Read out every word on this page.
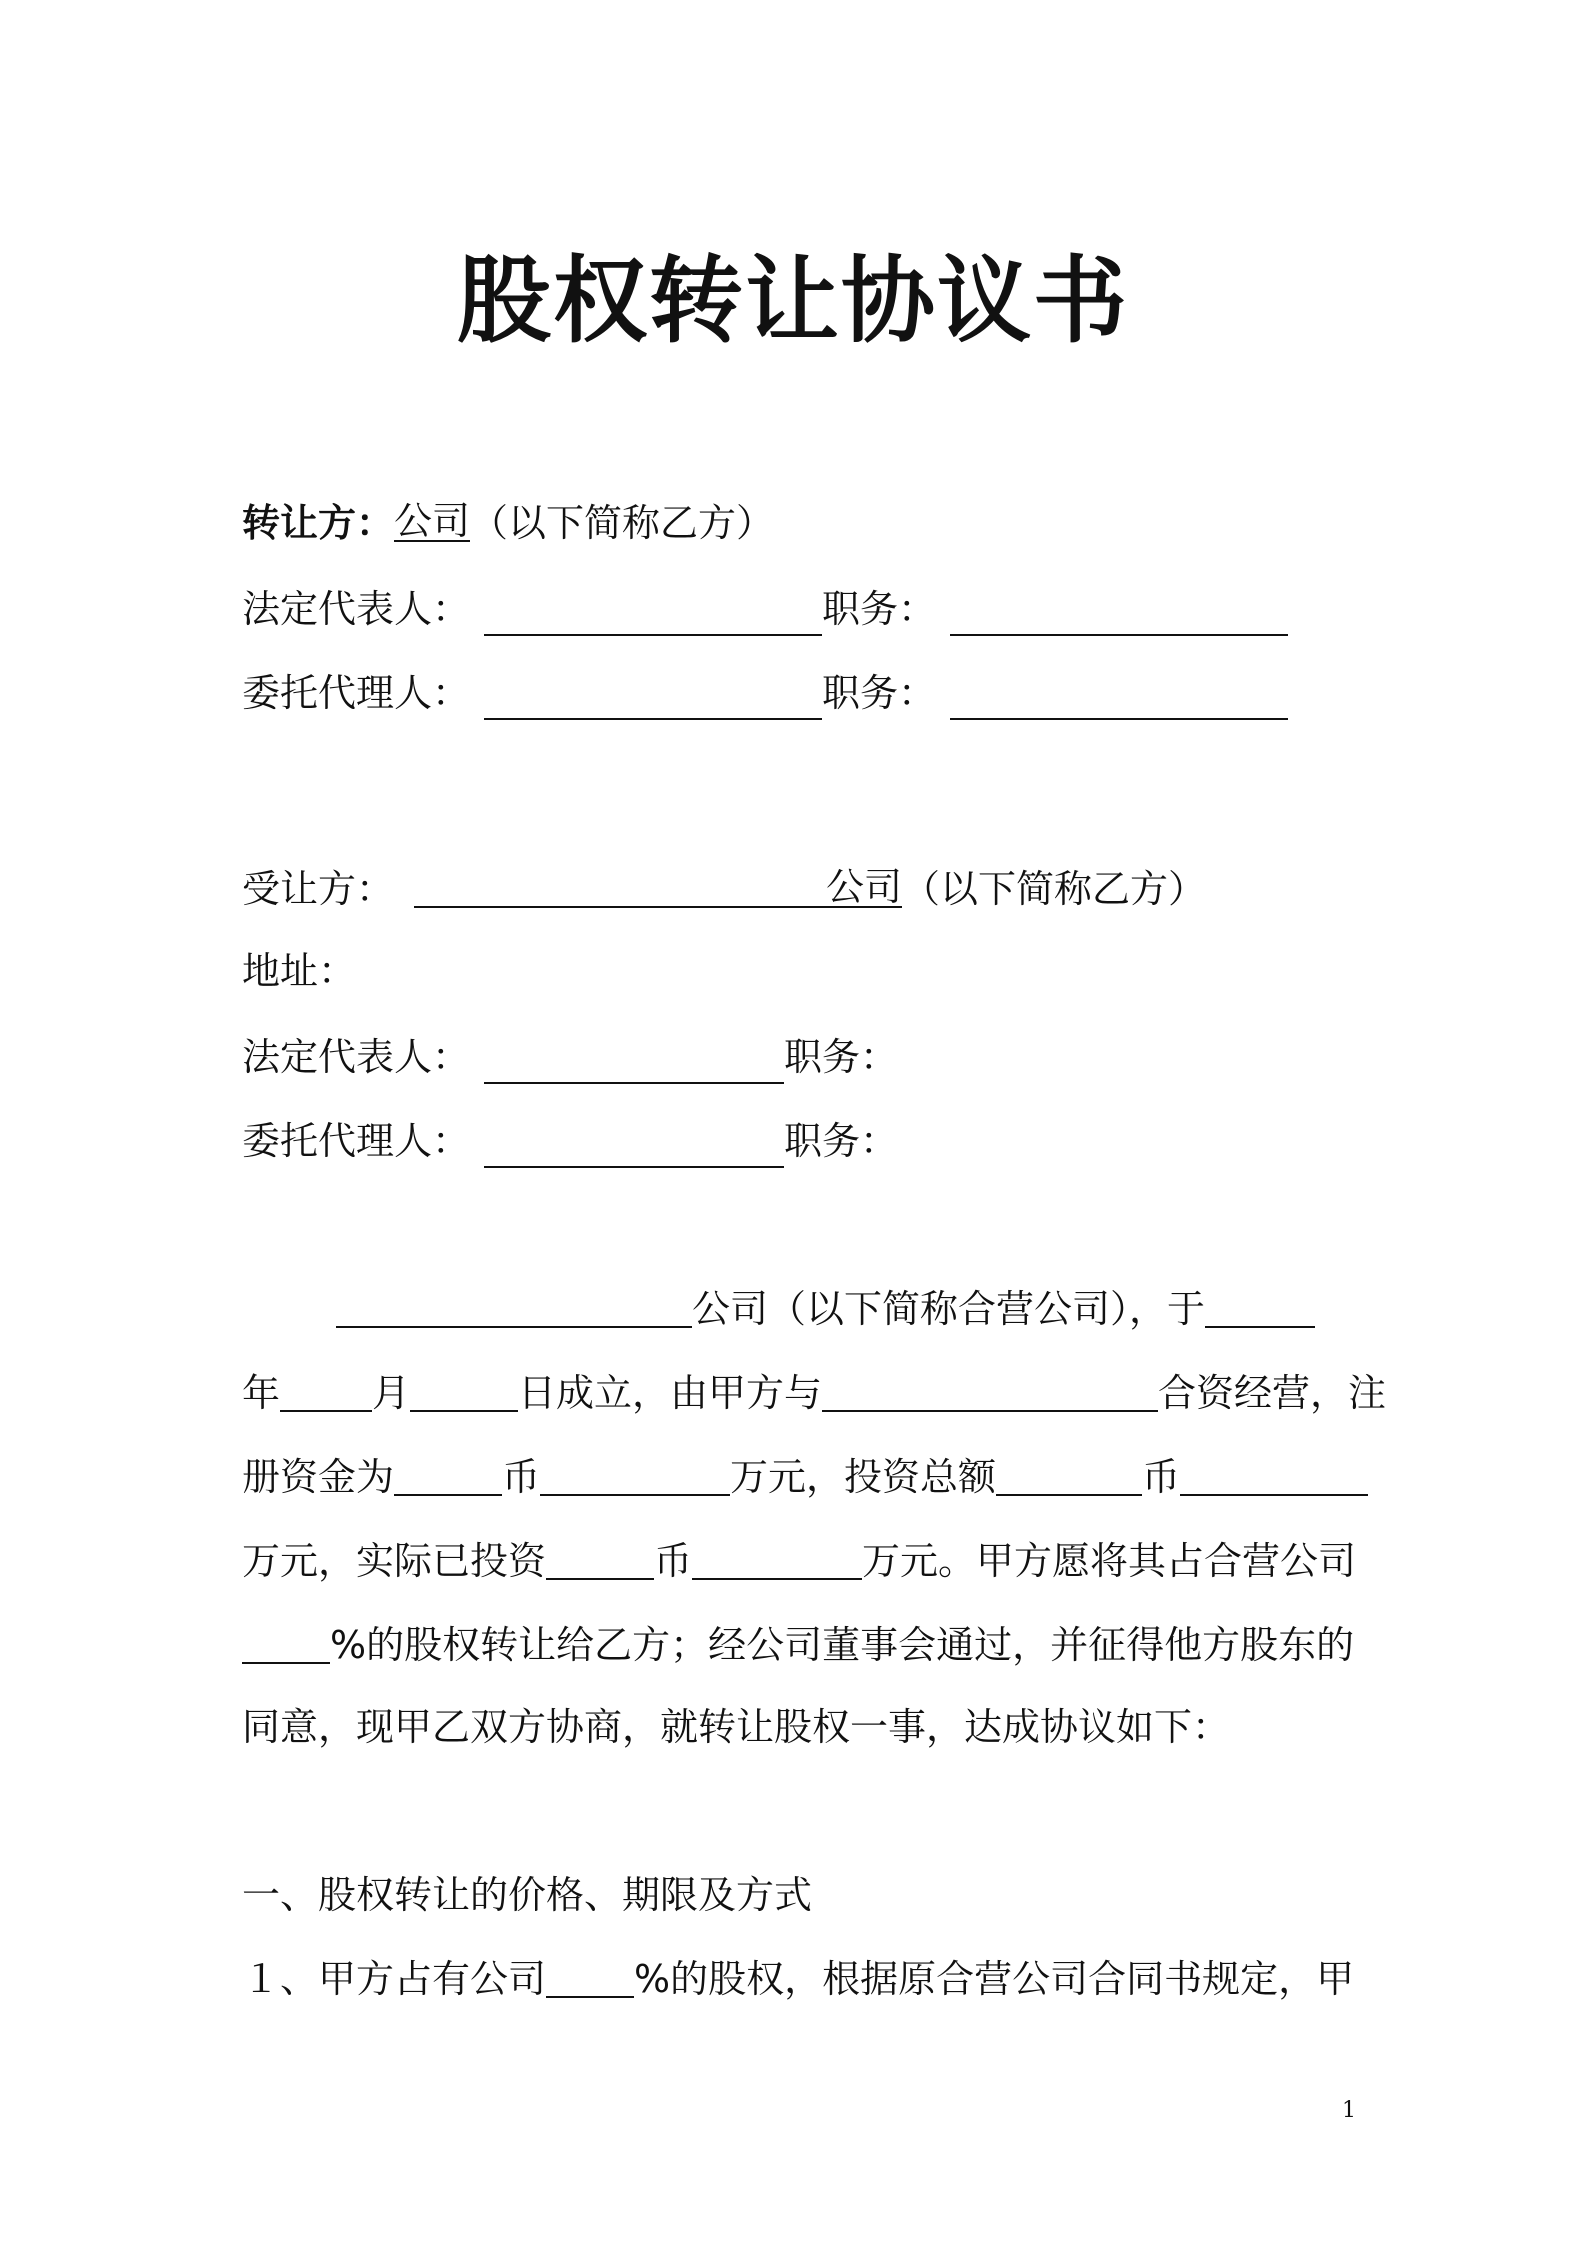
股权转让协议书
转让方：公司（以下简称乙方）
法定代表人：	职务：
委托代理人：	职务：
受让方：	公司（以下简称乙方）
地址：
法定代表人：	职务：
委托代理人：	职务：
公司（以下简称合营公司），于
年 月	日成立，由甲方与	合资经营，注
册资金为	币	万元，投资总额	币
万元，实际已投资	币	万元。甲方愿将其占合营公司
%的股权转让给乙方；经公司董事会通过，并征得他方股东的
同意，现甲乙双方协商，就转让股权一事，达成协议如下：
一、股权转让的价格、期限及方式
１、甲方占有公司 %的股权，根据原合营公司合同书规定，甲
1
